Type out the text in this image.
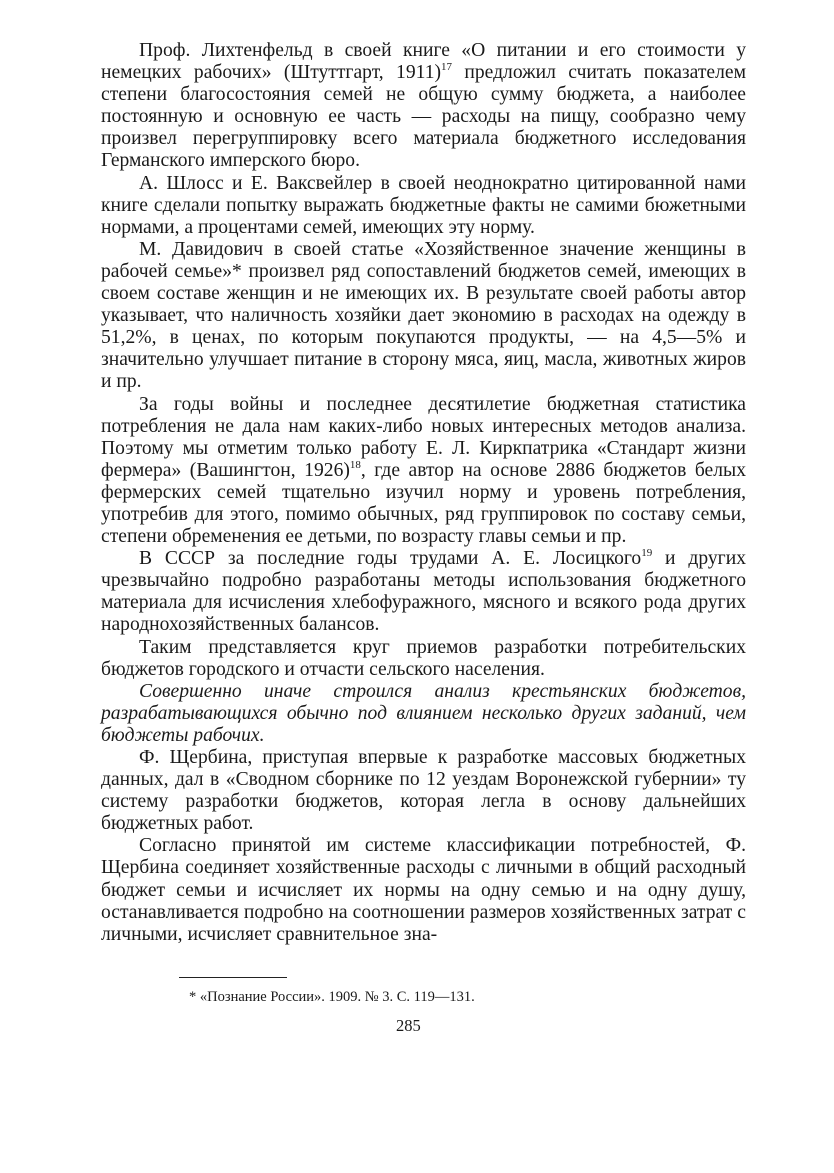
Проф. Лихтенфельд в своей книге «О питании и его стоимости у немецких рабочих» (Штуттгарт, 1911)$^{17}$ предложил считать показателем степени благосостояния семей не общую сумму бюджета, а наиболее постоянную и основную ее часть — расходы на пищу, сообразно чему произвел перегруппировку всего материала бюджетного исследования Германского имперского бюро.

А. Шлосс и Е. Ваксвейлер в своей неоднократно цитированной нами книге сделали попытку выражать бюджетные факты не самими бюжетными нормами, а процентами семей, имеющих эту норму.

М. Давидович в своей статье «Хозяйственное значение женщины в рабочей семье»* произвел ряд сопоставлений бюджетов семей, имеющих в своем составе женщин и не имеющих их. В результате своей работы автор указывает, что наличность хозяйки дает экономию в расходах на одежду в 51,2%, в ценах, по которым покупаются продукты, — на 4,5—5% и значительно улучшает питание в сторону мяса, яиц, масла, животных жиров и пр.

За годы войны и последнее десятилетие бюджетная статистика потребления не дала нам каких-либо новых интересных методов анализа. Поэтому мы отметим только работу Е. Л. Киркпатрика «Стандарт жизни фермера» (Вашингтон, 1926)$^{18}$, где автор на основе 2886 бюджетов белых фермерских семей тщательно изучил норму и уровень потребления, употребив для этого, помимо обычных, ряд группировок по составу семьи, степени обременения ее детьми, по возрасту главы семьи и пр.

В СССР за последние годы трудами А. Е. Лосицкого$^{19}$ и других чрезвычайно подробно разработаны методы использования бюджетного материала для исчисления хлебофуражного, мясного и всякого рода других народнохозяйственных балансов.

Таким представляется круг приемов разработки потребительских бюджетов городского и отчасти сельского населения.

Совершенно иначе строился анализ крестьянских бюджетов, разрабатывающихся обычно под влиянием несколько других заданий, чем бюджеты рабочих.

Ф. Щербина, приступая впервые к разработке массовых бюджетных данных, дал в «Сводном сборнике по 12 уездам Воронежской губернии» ту систему разработки бюджетов, которая легла в основу дальнейших бюджетных работ.

Согласно принятой им системе классификации потребностей, Ф. Щербина соединяет хозяйственные расходы с личными в общий расходный бюджет семьи и исчисляет их нормы на одну семью и на одну душу, останавливается подробно на соотношении размеров хозяйственных затрат с личными, исчисляет сравнительное зна-

* «Познание России». 1909. № 3. С. 119—131.
285
